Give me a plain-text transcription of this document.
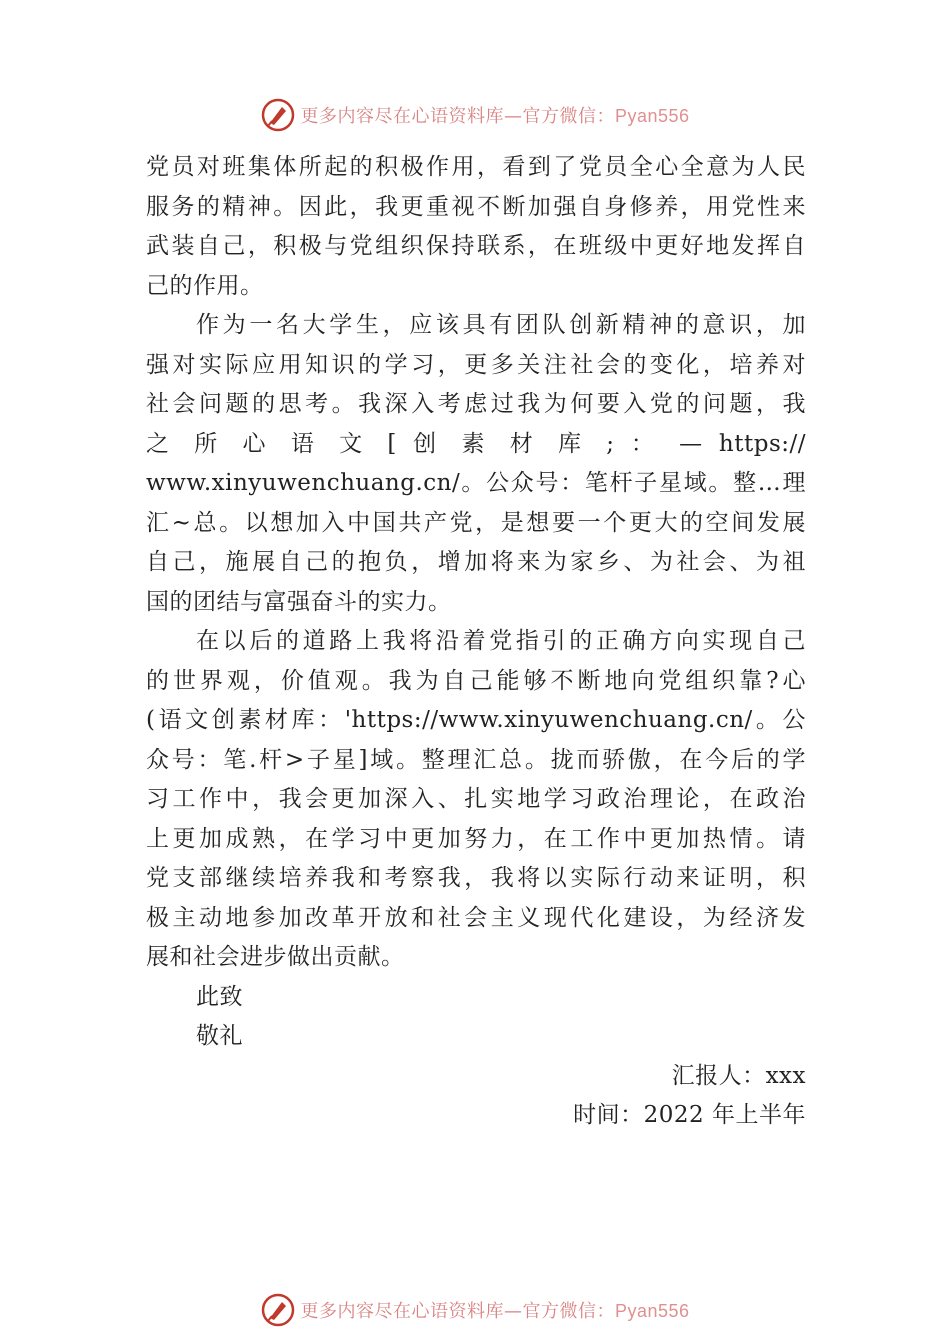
更多内容尽在心语资料库—官方微信：Pyan556
党员对班集体所起的积极作用，看到了党员全心全意为人民
服务的精神。因此，我更重视不断加强自身修养，用党性来
武装自己，积极与党组织保持联系，在班级中更好地发挥自
己的作用。
作为一名大学生，应该具有团队创新精神的意识，加
强对实际应用知识的学习，更多关注社会的变化，培养对
社会问题的思考。我深入考虑过我为何要入党的问题，我
之 所 心 语 文 [ 创 素 材 库 ; ： — https://
www.xinyuwenchuang.cn/。公众号：笔杆子星域。整…理
汇~总。以想加入中国共产党，是想要一个更大的空间发展
自己，施展自己的抱负，增加将来为家乡、为社会、为祖
国的团结与富强奋斗的实力。
在以后的道路上我将沿着党指引的正确方向实现自己
的世界观，价值观。我为自己能够不断地向党组织靠?心
(语文创素材库：'https://www.xinyuwenchuang.cn/。公
众号：笔.杆>子星]域。整理汇总。拢而骄傲，在今后的学
习工作中，我会更加深入、扎实地学习政治理论，在政治
上更加成熟，在学习中更加努力，在工作中更加热情。请
党支部继续培养我和考察我，我将以实际行动来证明，积
极主动地参加改革开放和社会主义现代化建设，为经济发
展和社会进步做出贡献。
此致
敬礼
汇报人：xxx
时间：2022 年上半年
更多内容尽在心语资料库—官方微信：Pyan556
